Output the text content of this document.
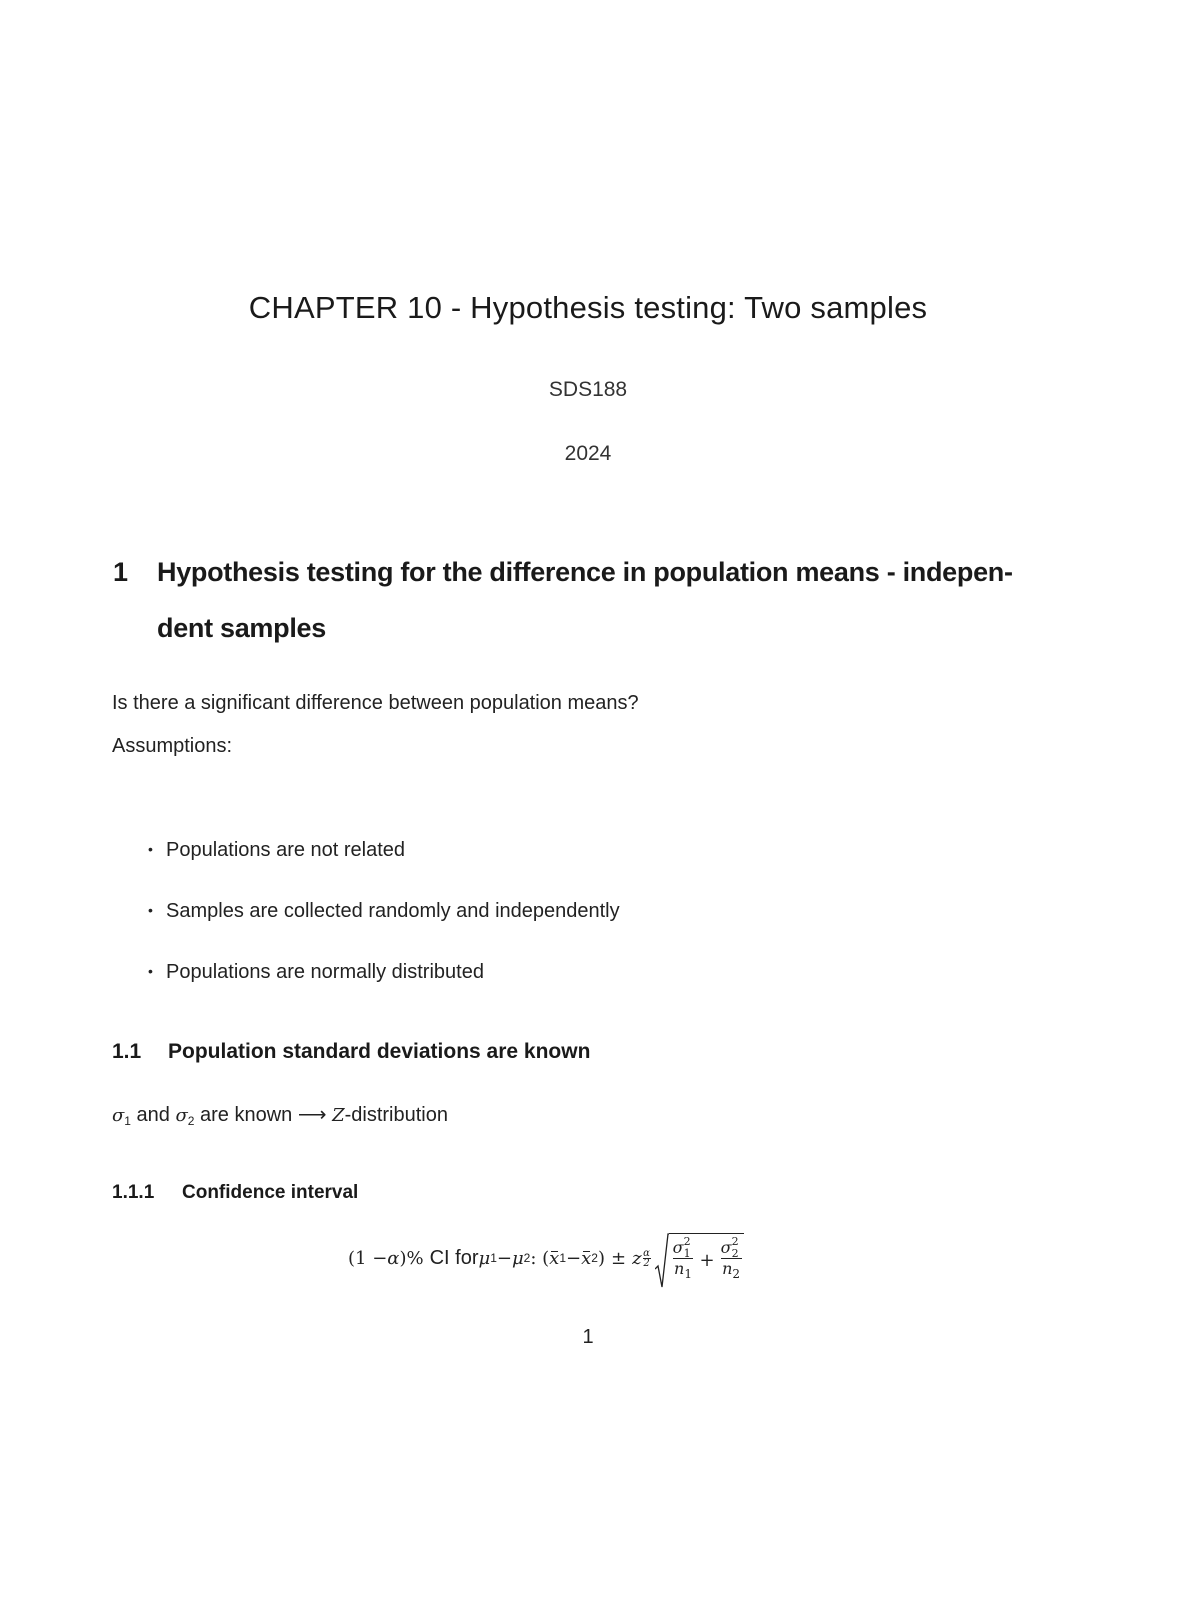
CHAPTER 10 - Hypothesis testing: Two samples
SDS188
2024
1 Hypothesis testing for the difference in population means - indepen-
dent samples
Is there a significant difference between population means?
Assumptions:
• Populations are not related
• Samples are collected randomly and independently
• Populations are normally distributed
1.1 Population standard deviations are known
$\sigma_1$ and $\sigma_2$ are known ⟶ Z-distribution
1.1.1 Confidence interval
(1 − α )% CI for μ 1 − μ 2 : ( x 1 − x 2 ) ± z α
2 σ 2
1
$n_1 + \sigma$ 2
2
$n_2$
1
